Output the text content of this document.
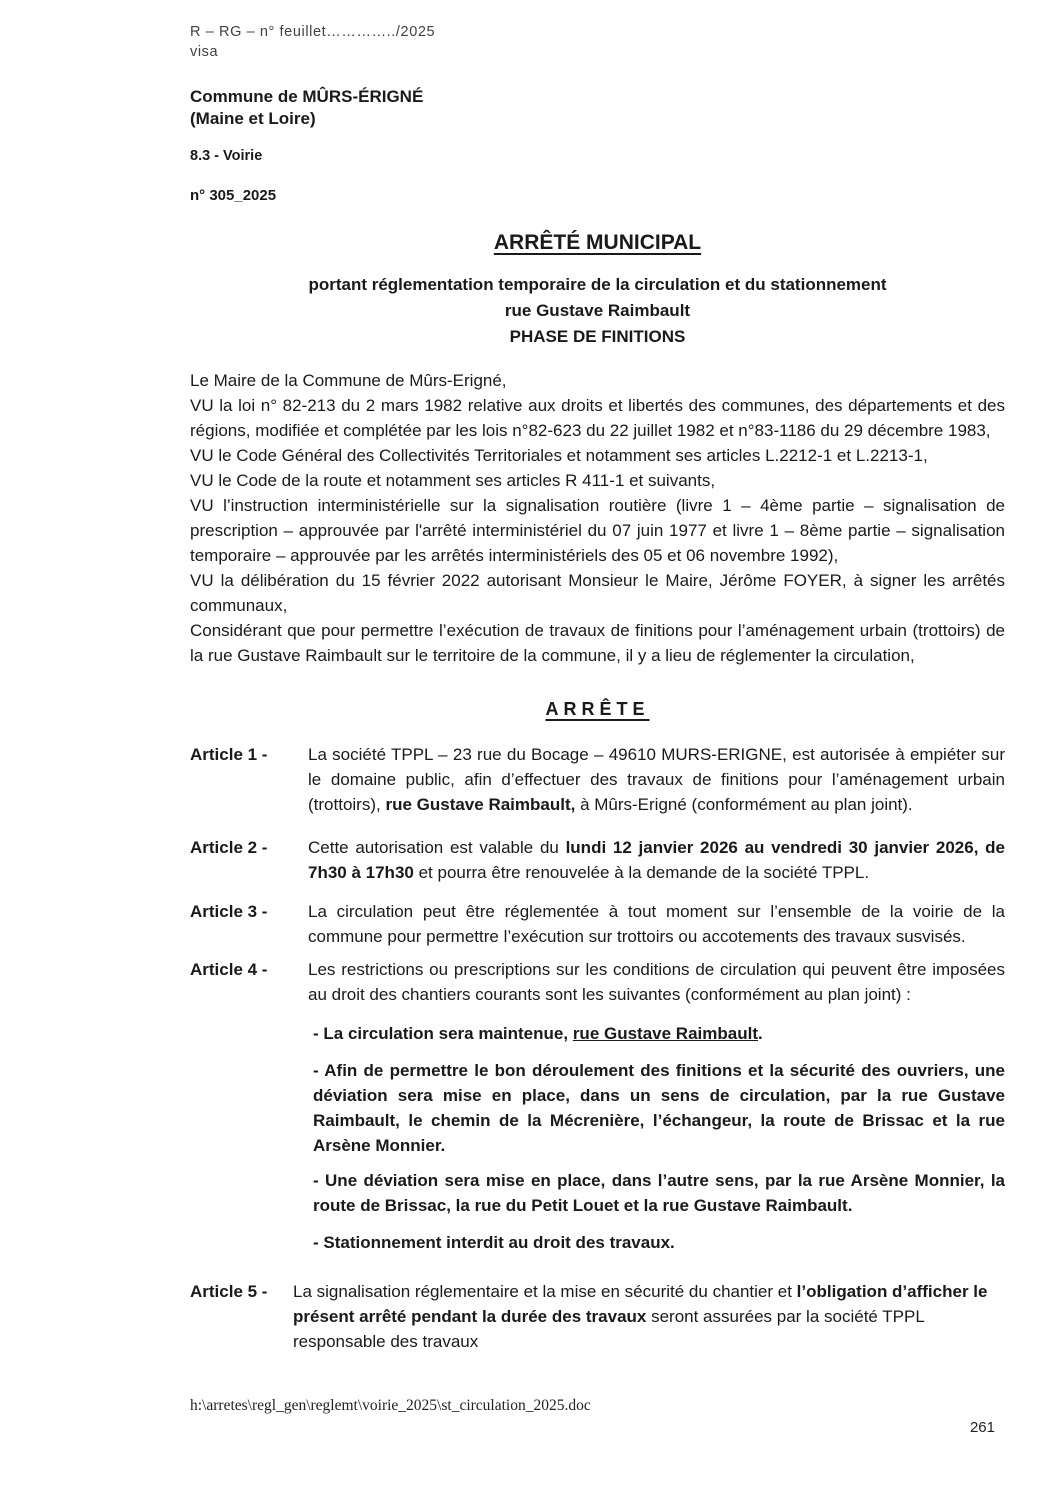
R – RG – n° feuillet…………../2025

visa

Commune de MÛRS-ÉRIGNÉ

(Maine et Loire)

8.3 - Voirie

n° 305_2025

ARRÊTÉ MUNICIPAL

portant réglementation temporaire de la circulation et du stationnement

rue Gustave Raimbault

PHASE DE FINITIONS

Le Maire de la Commune de Mûrs-Erigné,

VU la loi n° 82-213 du 2 mars 1982 relative aux droits et libertés des communes, des départements et des régions, modifiée et complétée par les lois n°82-623 du 22 juillet 1982 et n°83-1186 du 29 décembre 1983,

VU le Code Général des Collectivités Territoriales et notamment ses articles L.2212-1 et L.2213-1,

VU le Code de la route et notamment ses articles R 411-1 et suivants,

VU l’instruction interministérielle sur la signalisation routière (livre 1 – 4ème partie – signalisation de prescription – approuvée par l'arrêté interministériel du 07 juin 1977 et livre 1 – 8ème partie – signalisation temporaire – approuvée par les arrêtés interministériels des 05 et 06 novembre 1992),

VU la délibération du 15 février 2022 autorisant Monsieur le Maire, Jérôme FOYER, à signer les arrêtés communaux,

Considérant que pour permettre l’exécution de travaux de finitions pour l’aménagement urbain (trottoirs) de la rue Gustave Raimbault sur le territoire de la commune, il y a lieu de réglementer la circulation,

ARRÊTE

Article 1 -	La société TPPL – 23 rue du Bocage – 49610 MURS-ERIGNE, est autorisée à empiéter sur le domaine public, afin d’effectuer des travaux de finitions pour l’aménagement urbain (trottoirs), rue Gustave Raimbault, à Mûrs-Erigné (conformément au plan joint).
Article 2 -	Cette autorisation est valable du lundi 12 janvier 2026 au vendredi 30 janvier 2026, de 7h30 à 17h30 et pourra être renouvelée à la demande de la société TPPL.
Article 3 -	La circulation peut être réglementée à tout moment sur l’ensemble de la voirie de la commune pour permettre l’exécution sur trottoirs ou accotements des travaux susvisés.
Article 4 -	Les restrictions ou prescriptions sur les conditions de circulation qui peuvent être imposées au droit des chantiers courants sont les suivantes (conformément au plan joint) :

- La circulation sera maintenue, rue Gustave Raimbault.

- Afin de permettre le bon déroulement des finitions et la sécurité des ouvriers, une déviation sera mise en place, dans un sens de circulation, par la rue Gustave Raimbault, le chemin de la Mécrenière, l’échangeur, la route de Brissac et la rue Arsène Monnier.

- Une déviation sera mise en place, dans l’autre sens, par la rue Arsène Monnier, la route de Brissac, la rue du Petit Louet et la rue Gustave Raimbault.

- Stationnement interdit au droit des travaux.

Article 5 -	La signalisation réglementaire et la mise en sécurité du chantier et l’obligation d’afficher le présent arrêté pendant la durée des travaux seront assurées par la société TPPL responsable des travaux

h:\arretes\regl_gen\reglemt\voirie_2025\st_circulation_2025.doc

261
